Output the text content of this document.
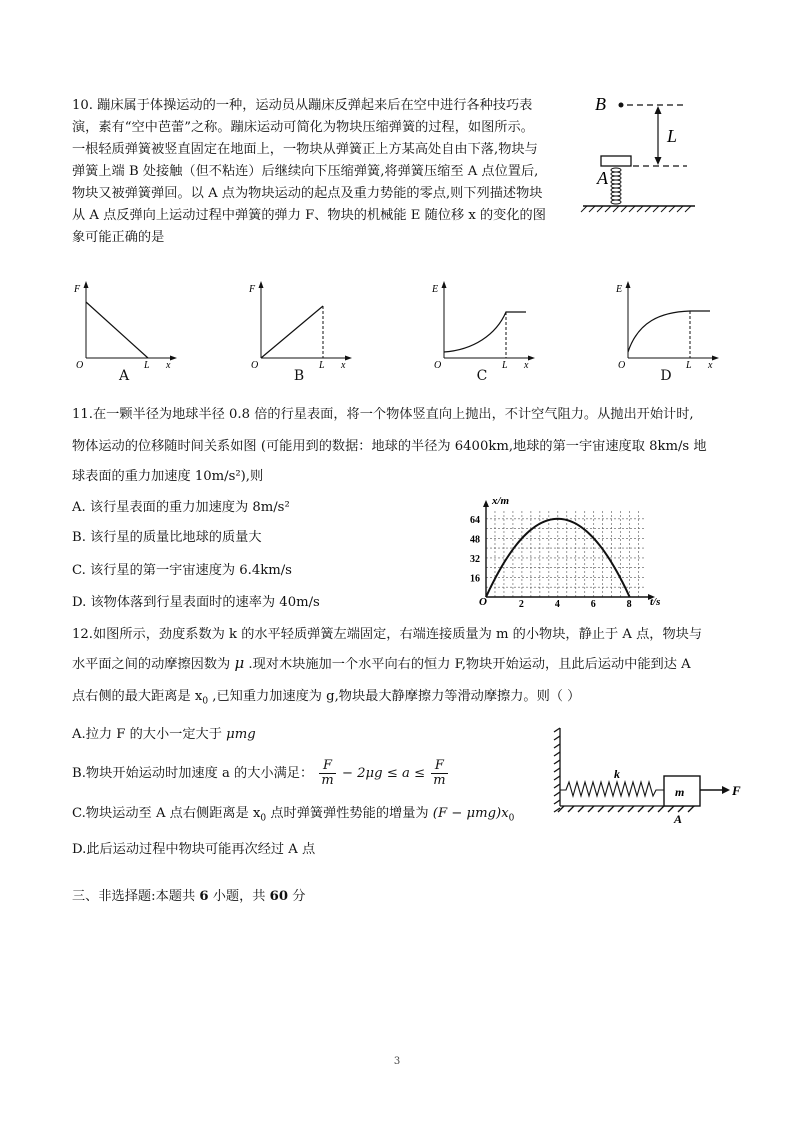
10. 蹦床属于体操运动的一种，运动员从蹦床反弹起来后在空中进行各种技巧表
演，素有“空中芭蕾”之称。蹦床运动可简化为物块压缩弹簧的过程，如图所示。
一根轻质弹簧被竖直固定在地面上，一物块从弹簧正上方某高处自由下落,物块与
弹簧上端 B 处接触（但不粘连）后继续向下压缩弹簧,将弹簧压缩至 A 点位置后,
物块又被弹簧弹回。以 A 点为物块运动的起点及重力势能的零点,则下列描述物块
从 A 点反弹向上运动过程中弹簧的弹力 F、物块的机械能 E 随位移 x 的变化的图
象可能正确的是
B
L
A
F
O	L x
A
F
O	L x
B
E
O	L x
C
E
O	L x
D
11.在一颗半径为地球半径 0.8 倍的行星表面，将一个物体竖直向上抛出，不计空气阻力。从抛出开始计时,
物体运动的位移随时间关系如图 (可能用到的数据：地球的半径为 6400km,地球的第一宇宙速度取 8km/s 地
球表面的重力加速度 10m/s²),则
A. 该行星表面的重力加速度为 8m/s²
B. 该行星的质量比地球的质量大
C. 该行星的第一宇宙速度为 6.4km/s
D. 该物体落到行星表面时的速率为 40m/s	2	4	6	8
16
32
48
64
x/m
t/s
O
12.如图所示，劲度系数为 k 的水平轻质弹簧左端固定，右端连接质量为 m 的小物块，静止于 A 点，物块与
水平面之间的动摩擦因数为 μ .现对木块施加一个水平向右的恒力 F,物块开始运动，且此后运动中能到达 A
点右侧的最大距离是 $x_0$ ,已知重力加速度为 g,物块最大静摩擦力等滑动摩擦力。则（ ）
A.拉力 F 的大小一定大于 μmg
B.物块开始运动时加速度 a 的大小满足： $\frac{F}{m} - 2\mu g \le a \le \frac{F}{m}$
C.物块运动至 A 点右侧距离是 $x_0$ 点时弹簧弹性势能的增量为 $(F - \mu mg)x_0$
D.此后运动过程中物块可能再次经过 A 点
k
m	F
A
三、非选择题:本题共 6 小题，共 60 分
3
